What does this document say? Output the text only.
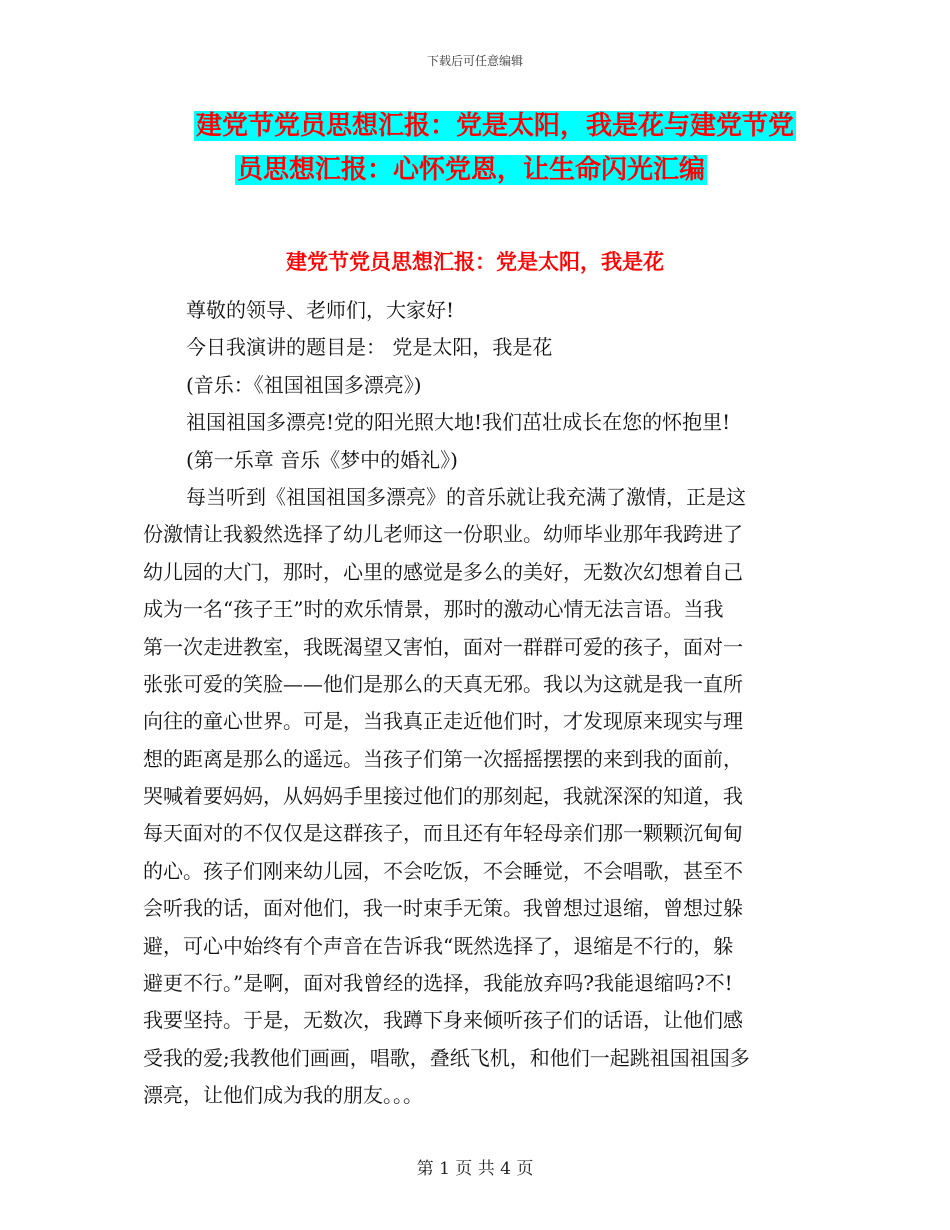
下载后可任意编辑
建党节党员思想汇报：党是太阳，我是花与建党节党
员思想汇报：心怀党恩，让生命闪光汇编
建党节党员思想汇报：党是太阳，我是花
尊敬的领导、老师们，大家好!
今日我演讲的题目是： 党是太阳，我是花
(音乐：《祖国祖国多漂亮》)
祖国祖国多漂亮!党的阳光照大地!我们茁壮成长在您的怀抱里!
(第一乐章 音乐《梦中的婚礼》)
每当听到《祖国祖国多漂亮》的音乐就让我充满了激情，正是这
份激情让我毅然选择了幼儿老师这一份职业。幼师毕业那年我跨进了
幼儿园的大门，那时，心里的感觉是多么的美好，无数次幻想着自己
成为一名“孩子王”时的欢乐情景，那时的激动心情无法言语。当我
第一次走进教室，我既渴望又害怕，面对一群群可爱的孩子，面对一
张张可爱的笑脸——他们是那么的天真无邪。我以为这就是我一直所
向往的童心世界。可是，当我真正走近他们时，才发现原来现实与理
想的距离是那么的遥远。当孩子们第一次摇摇摆摆的来到我的面前，
哭喊着要妈妈，从妈妈手里接过他们的那刻起，我就深深的知道，我
每天面对的不仅仅是这群孩子，而且还有年轻母亲们那一颗颗沉甸甸
的心。孩子们刚来幼儿园，不会吃饭，不会睡觉，不会唱歌，甚至不
会听我的话，面对他们，我一时束手无策。我曾想过退缩，曾想过躲
避，可心中始终有个声音在告诉我“既然选择了，退缩是不行的，躲
避更不行。”是啊，面对我曾经的选择，我能放弃吗?我能退缩吗?不!
我要坚持。于是，无数次，我蹲下身来倾听孩子们的话语，让他们感
受我的爱;我教他们画画，唱歌，叠纸飞机，和他们一起跳祖国祖国多
漂亮，让他们成为我的朋友。。。
第 1 页 共 4 页
